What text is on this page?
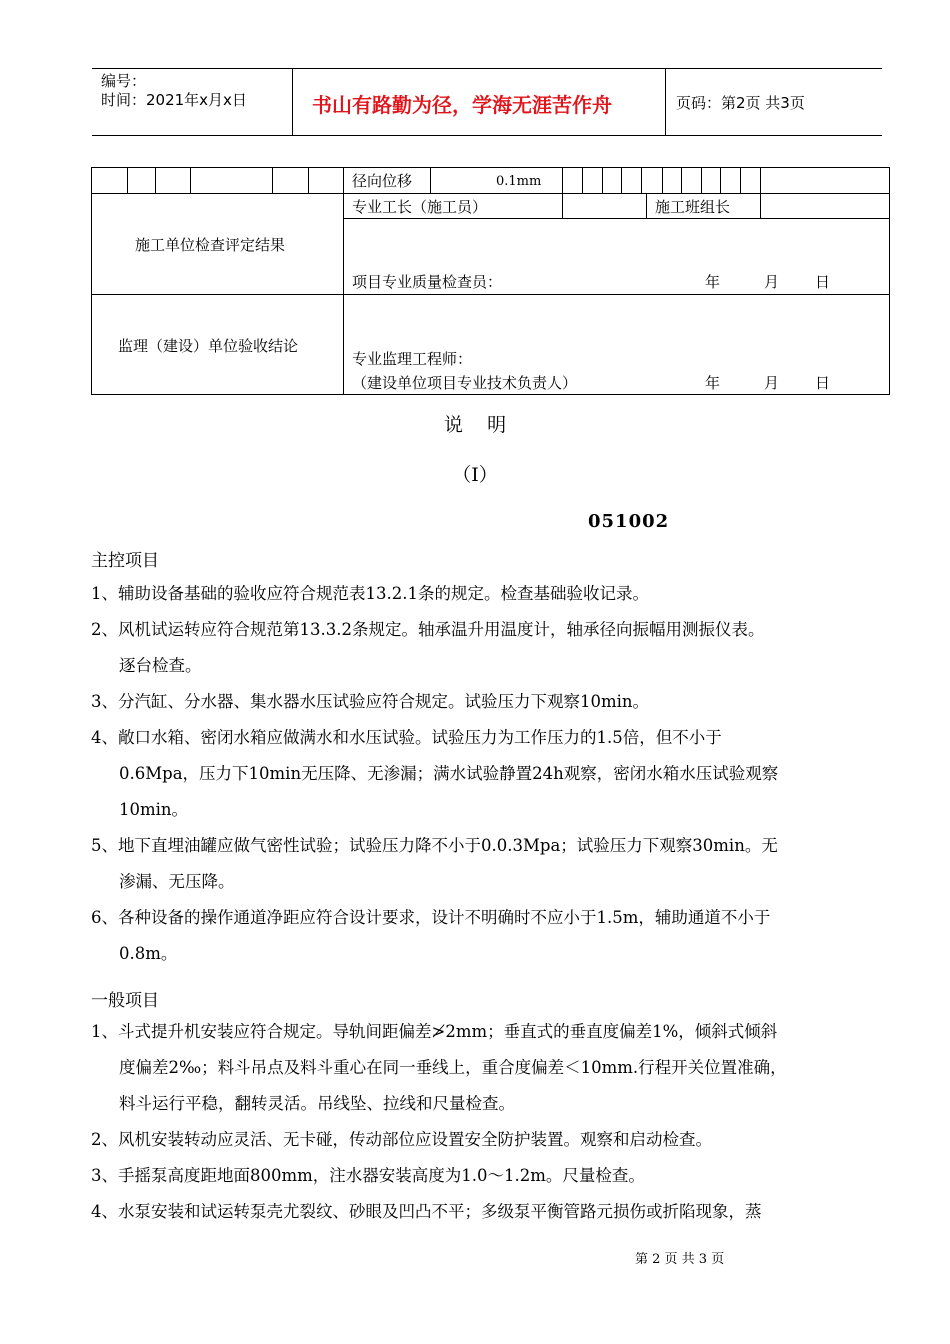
编号：
时间：2021年x月x日	书山有路勤为径，学海无涯苦作舟	页码：第2页 共3页
径向位移	0.1mm
专业工长（施工员）	施工班组长
施工单位检查评定结果
项目专业质量检查员：	年	月 日
监理（建设）单位验收结论
专业监理工程师：
（建设单位项目专业技术负责人）	年	月 日
说    明
（Ⅰ）
051002
主控项目
1、辅助设备基础的验收应符合规范表13.2.1条的规定。检查基础验收记录。
2、风机试运转应符合规范第13.3.2条规定。轴承温升用温度计，轴承径向振幅用测振仪表。
逐台检查。
3、分汽缸、分水器、集水器水压试验应符合规定。试验压力下观察10min。
4、敞口水箱、密闭水箱应做满水和水压试验。试验压力为工作压力的1.5倍，但不小于
0.6Mpa，压力下10min无压降、无渗漏；满水试验静置24h观察，密闭水箱水压试验观察
10min。
5、地下直埋油罐应做气密性试验；试验压力降不小于0.0.3Mpa；试验压力下观察30min。无
渗漏、无压降。
6、各种设备的操作通道净距应符合设计要求，设计不明确时不应小于1.5m，辅助通道不小于
0.8m。
一般项目
1、斗式提升机安装应符合规定。导轨间距偏差≯2mm；垂直式的垂直度偏差1%，倾斜式倾斜
度偏差2‰；料斗吊点及料斗重心在同一垂线上，重合度偏差＜10mm.行程开关位置准确，
料斗运行平稳，翻转灵活。吊线坠、拉线和尺量检查。
2、风机安装转动应灵活、无卡碰，传动部位应设置安全防护装置。观察和启动检查。
3、手摇泵高度距地面800mm，注水器安装高度为1.0～1.2m。尺量检查。
4、水泵安装和试运转泵壳尤裂纹、砂眼及凹凸不平；多级泵平衡管路元损伤或折陷现象，蒸
第 2 页 共 3 页
